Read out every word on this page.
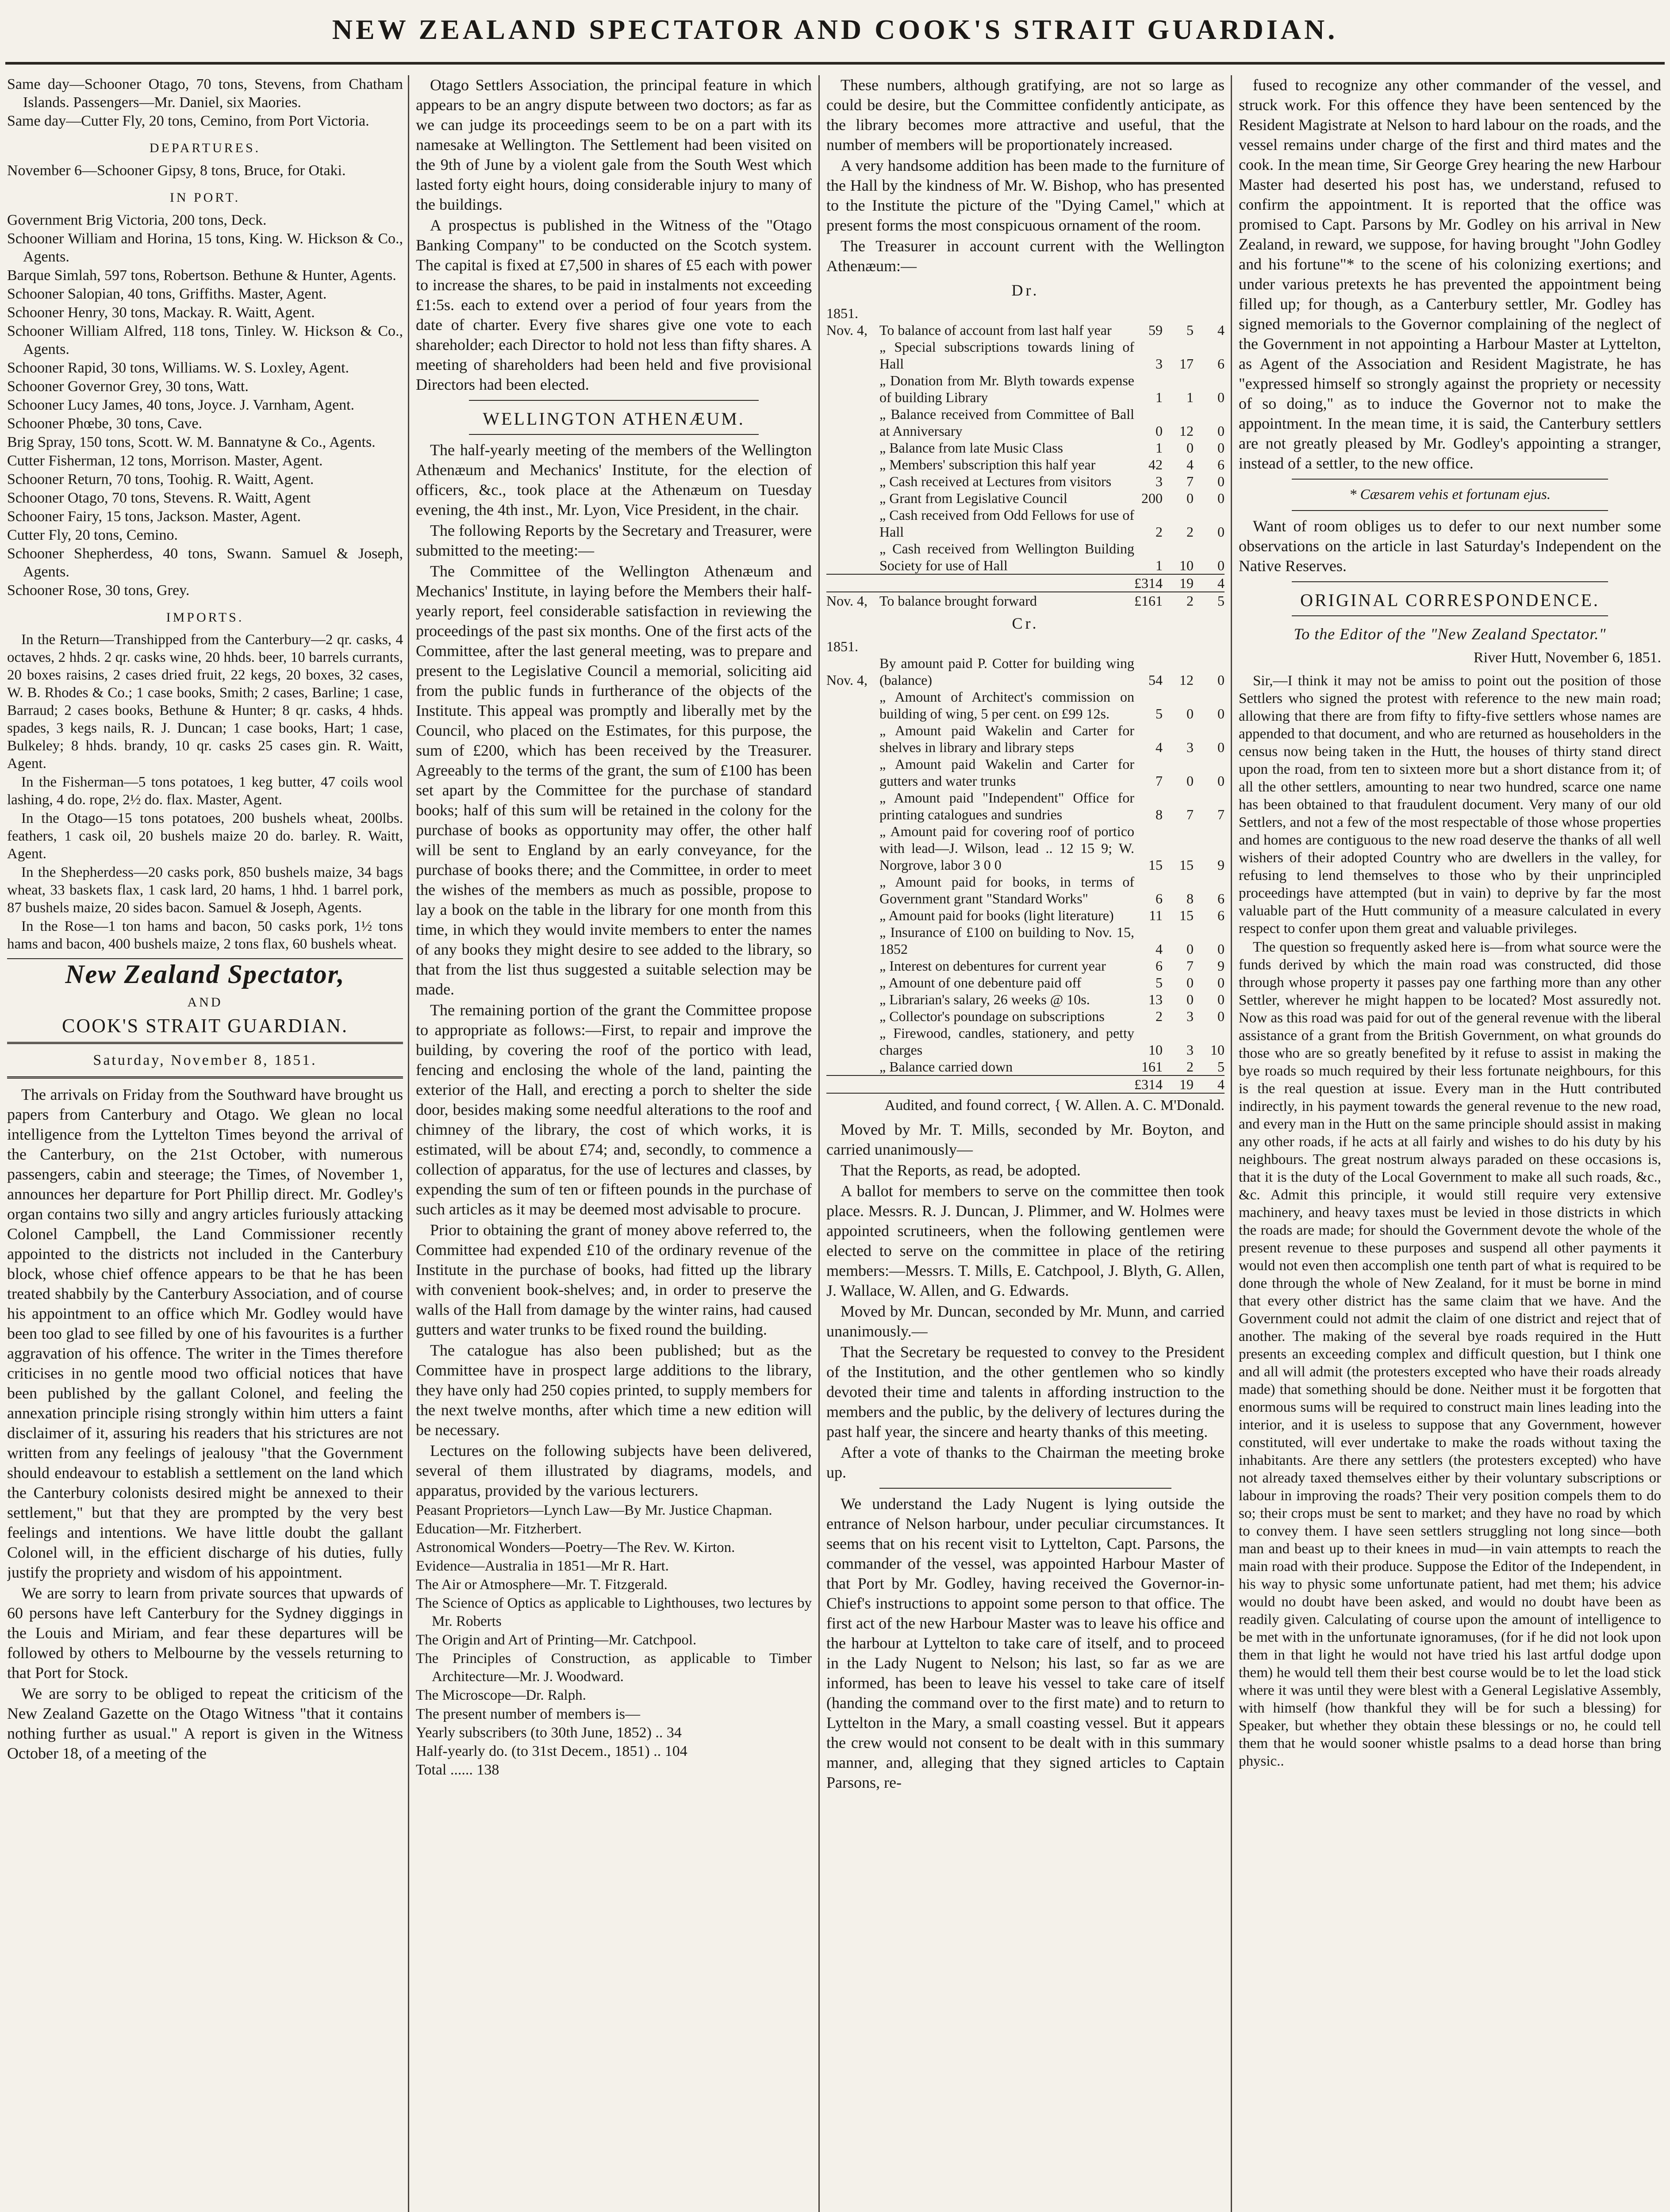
NEW ZEALAND SPECTATOR AND COOK'S STRAIT GUARDIAN.

Same day—Schooner Otago, 70 tons, Stevens, from Chatham Islands. Passengers—Mr. Daniel, six Maories.

Same day—Cutter Fly, 20 tons, Cemino, from Port Victoria.

DEPARTURES.

November 6—Schooner Gipsy, 8 tons, Bruce, for Otaki.

IN PORT.

Government Brig Victoria, 200 tons, Deck.

Schooner William and Horina, 15 tons, King. W. Hickson & Co., Agents.

Barque Simlah, 597 tons, Robertson. Bethune & Hunter, Agents.

Schooner Salopian, 40 tons, Griffiths. Master, Agent.

Schooner Henry, 30 tons, Mackay. R. Waitt, Agent.

Schooner William Alfred, 118 tons, Tinley. W. Hickson & Co., Agents.

Schooner Rapid, 30 tons, Williams. W. S. Loxley, Agent.

Schooner Governor Grey, 30 tons, Watt.

Schooner Lucy James, 40 tons, Joyce. J. Varnham, Agent.

Schooner Phœbe, 30 tons, Cave.

Brig Spray, 150 tons, Scott. W. M. Bannatyne & Co., Agents.

Cutter Fisherman, 12 tons, Morrison. Master, Agent.

Schooner Return, 70 tons, Toohig. R. Waitt, Agent.

Schooner Otago, 70 tons, Stevens. R. Waitt, Agent

Schooner Fairy, 15 tons, Jackson. Master, Agent.

Cutter Fly, 20 tons, Cemino.

Schooner Shepherdess, 40 tons, Swann. Samuel & Joseph, Agents.

Schooner Rose, 30 tons, Grey.

IMPORTS.

In the Return—Transhipped from the Canterbury—2 qr. casks, 4 octaves, 2 hhds. 2 qr. casks wine, 20 hhds. beer, 10 barrels currants, 20 boxes raisins, 2 cases dried fruit, 22 kegs, 20 boxes, 32 cases, W. B. Rhodes & Co.; 1 case books, Smith; 2 cases, Barline; 1 case, Barraud; 2 cases books, Bethune & Hunter; 8 qr. casks, 4 hhds. spades, 3 kegs nails, R. J. Duncan; 1 case books, Hart; 1 case, Bulkeley; 8 hhds. brandy, 10 qr. casks 25 cases gin. R. Waitt, Agent.

In the Fisherman—5 tons potatoes, 1 keg butter, 47 coils wool lashing, 4 do. rope, 2½ do. flax. Master, Agent.

In the Otago—15 tons potatoes, 200 bushels wheat, 200lbs. feathers, 1 cask oil, 20 bushels maize 20 do. barley. R. Waitt, Agent.

In the Shepherdess—20 casks pork, 850 bushels maize, 34 bags wheat, 33 baskets flax, 1 cask lard, 20 hams, 1 hhd. 1 barrel pork, 87 bushels maize, 20 sides bacon. Samuel & Joseph, Agents.

In the Rose—1 ton hams and bacon, 50 casks pork, 1½ tons hams and bacon, 400 bushels maize, 2 tons flax, 60 bushels wheat.

New Zealand Spectator,
AND
COOK'S STRAIT GUARDIAN.
Saturday, November 8, 1851.

The arrivals on Friday from the Southward have brought us papers from Canterbury and Otago. We glean no local intelligence from the Lyttelton Times beyond the arrival of the Canterbury, on the 21st October, with numerous passengers, cabin and steerage; the Times, of November 1, announces her departure for Port Phillip direct. Mr. Godley's organ contains two silly and angry articles furiously attacking Colonel Campbell, the Land Commissioner recently appointed to the districts not included in the Canterbury block, whose chief offence appears to be that he has been treated shabbily by the Canterbury Association, and of course his appointment to an office which Mr. Godley would have been too glad to see filled by one of his favourites is a further aggravation of his offence. The writer in the Times therefore criticises in no gentle mood two official notices that have been published by the gallant Colonel, and feeling the annexation principle rising strongly within him utters a faint disclaimer of it, assuring his readers that his strictures are not written from any feelings of jealousy "that the Government should endeavour to establish a settlement on the land which the Canterbury colonists desired might be annexed to their settlement," but that they are prompted by the very best feelings and intentions. We have little doubt the gallant Colonel will, in the efficient discharge of his duties, fully justify the propriety and wisdom of his appointment.

We are sorry to learn from private sources that upwards of 60 persons have left Canterbury for the Sydney diggings in the Louis and Miriam, and fear these departures will be followed by others to Melbourne by the vessels returning to that Port for Stock.

We are sorry to be obliged to repeat the criticism of the New Zealand Gazette on the Otago Witness "that it contains nothing further as usual." A report is given in the Witness October 18, of a meeting of the

Otago Settlers Association, the principal feature in which appears to be an angry dispute between two doctors; as far as we can judge its proceedings seem to be on a part with its namesake at Wellington. The Settlement had been visited on the 9th of June by a violent gale from the South West which lasted forty eight hours, doing considerable injury to many of the buildings.

A prospectus is published in the Witness of the "Otago Banking Company" to be conducted on the Scotch system. The capital is fixed at £7,500 in shares of £5 each with power to increase the shares, to be paid in instalments not exceeding £1:5s. each to extend over a period of four years from the date of charter. Every five shares give one vote to each shareholder; each Director to hold not less than fifty shares. A meeting of shareholders had been held and five provisional Directors had been elected.

WELLINGTON ATHENÆUM.

The half-yearly meeting of the members of the Wellington Athenæum and Mechanics' Institute, for the election of officers, &c., took place at the Athenæum on Tuesday evening, the 4th inst., Mr. Lyon, Vice President, in the chair.

The following Reports by the Secretary and Treasurer, were submitted to the meeting:—

The Committee of the Wellington Athenæum and Mechanics' Institute, in laying before the Members their half-yearly report, feel considerable satisfaction in reviewing the proceedings of the past six months. One of the first acts of the Committee, after the last general meeting, was to prepare and present to the Legislative Council a memorial, soliciting aid from the public funds in furtherance of the objects of the Institute. This appeal was promptly and liberally met by the Council, who placed on the Estimates, for this purpose, the sum of £200, which has been received by the Treasurer. Agreeably to the terms of the grant, the sum of £100 has been set apart by the Committee for the purchase of standard books; half of this sum will be retained in the colony for the purchase of books as opportunity may offer, the other half will be sent to England by an early conveyance, for the purchase of books there; and the Committee, in order to meet the wishes of the members as much as possible, propose to lay a book on the table in the library for one month from this time, in which they would invite members to enter the names of any books they might desire to see added to the library, so that from the list thus suggested a suitable selection may be made.

The remaining portion of the grant the Committee propose to appropriate as follows:—First, to repair and improve the building, by covering the roof of the portico with lead, fencing and enclosing the whole of the land, painting the exterior of the Hall, and erecting a porch to shelter the side door, besides making some needful alterations to the roof and chimney of the library, the cost of which works, it is estimated, will be about £74; and, secondly, to commence a collection of apparatus, for the use of lectures and classes, by expending the sum of ten or fifteen pounds in the purchase of such articles as it may be deemed most advisable to procure.

Prior to obtaining the grant of money above referred to, the Committee had expended £10 of the ordinary revenue of the Institute in the purchase of books, had fitted up the library with convenient book-shelves; and, in order to preserve the walls of the Hall from damage by the winter rains, had caused gutters and water trunks to be fixed round the building.

The catalogue has also been published; but as the Committee have in prospect large additions to the library, they have only had 250 copies printed, to supply members for the next twelve months, after which time a new edition will be necessary.

Lectures on the following subjects have been delivered, several of them illustrated by diagrams, models, and apparatus, provided by the various lecturers.

Peasant Proprietors—Lynch Law—By Mr. Justice Chapman.

Education—Mr. Fitzherbert.

Astronomical Wonders—Poetry—The Rev. W. Kirton.

Evidence—Australia in 1851—Mr R. Hart.

The Air or Atmosphere—Mr. T. Fitzgerald.

The Science of Optics as applicable to Lighthouses, two lectures by Mr. Roberts

The Origin and Art of Printing—Mr. Catchpool.

The Principles of Construction, as applicable to Timber Architecture—Mr. J. Woodward.

The Microscope—Dr. Ralph.

The present number of members is—

Yearly subscribers (to 30th June, 1852) .. 34

Half-yearly do. (to 31st Decem., 1851) .. 104

Total ...... 138

These numbers, although gratifying, are not so large as could be desire, but the Committee confidently anticipate, as the library becomes more attractive and useful, that the number of members will be proportionately increased.

A very handsome addition has been made to the furniture of the Hall by the kindness of Mr. W. Bishop, who has presented to the Institute the picture of the "Dying Camel," which at present forms the most conspicuous ornament of the room.

The Treasurer in account current with the Wellington Athenæum:—

Dr.
1851.				
Nov. 4,	To balance of account from last half year	59	5	4
	„ Special subscriptions towards lining of Hall	3	17	6
	„ Donation from Mr. Blyth towards expense of building Library	1	1	0
	„ Balance received from Committee of Ball at Anniversary	0	12	0
	„ Balance from late Music Class	1	0	0
	„ Members' subscription this half year	42	4	6
	„ Cash received at Lectures from visitors	3	7	0
	„ Grant from Legislative Council	200	0	0
	„ Cash received from Odd Fellows for use of Hall	2	2	0
	„ Cash received from Wellington Building Society for use of Hall	1	10	0
		£314	19	4
Nov. 4,	To balance brought forward	£161	2	5
Cr.
1851.				
Nov. 4,	By amount paid P. Cotter for building wing (balance)	54	12	0
	„ Amount of Architect's commission on building of wing, 5 per cent. on £99 12s.	5	0	0
	„ Amount paid Wakelin and Carter for shelves in library and library steps	4	3	0
	„ Amount paid Wakelin and Carter for gutters and water trunks	7	0	0
	„ Amount paid "Independent" Office for printing catalogues and sundries	8	7	7
	„ Amount paid for covering roof of portico with lead—J. Wilson, lead .. 12 15 9; W. Norgrove, labor 3 0 0	15	15	9
	„ Amount paid for books, in terms of Government grant "Standard Works"	6	8	6
	„ Amount paid for books (light literature)	11	15	6
	„ Insurance of £100 on building to Nov. 15, 1852	4	0	0
	„ Interest on debentures for current year	6	7	9
	„ Amount of one debenture paid off	5	0	0
	„ Librarian's salary, 26 weeks @ 10s.	13	0	0
	„ Collector's poundage on subscriptions	2	3	0
	„ Firewood, candles, stationery, and petty charges	10	3	10
	„ Balance carried down	161	2	5
		£314	19	4
Audited, and found correct, { W. Allen. A. C. M'Donald.

Moved by Mr. T. Mills, seconded by Mr. Boyton, and carried unanimously—

That the Reports, as read, be adopted.

A ballot for members to serve on the committee then took place. Messrs. R. J. Duncan, J. Plimmer, and W. Holmes were appointed scrutineers, when the following gentlemen were elected to serve on the committee in place of the retiring members:—Messrs. T. Mills, E. Catchpool, J. Blyth, G. Allen, J. Wallace, W. Allen, and G. Edwards.

Moved by Mr. Duncan, seconded by Mr. Munn, and carried unanimously.—

That the Secretary be requested to convey to the President of the Institution, and the other gentlemen who so kindly devoted their time and talents in affording instruction to the members and the public, by the delivery of lectures during the past half year, the sincere and hearty thanks of this meeting.

After a vote of thanks to the Chairman the meeting broke up.

We understand the Lady Nugent is lying outside the entrance of Nelson harbour, under peculiar circumstances. It seems that on his recent visit to Lyttelton, Capt. Parsons, the commander of the vessel, was appointed Harbour Master of that Port by Mr. Godley, having received the Governor-in-Chief's instructions to appoint some person to that office. The first act of the new Harbour Master was to leave his office and the harbour at Lyttelton to take care of itself, and to proceed in the Lady Nugent to Nelson; his last, so far as we are informed, has been to leave his vessel to take care of itself (handing the command over to the first mate) and to return to Lyttelton in the Mary, a small coasting vessel. But it appears the crew would not consent to be dealt with in this summary manner, and, alleging that they signed articles to Captain Parsons, re-

fused to recognize any other commander of the vessel, and struck work. For this offence they have been sentenced by the Resident Magistrate at Nelson to hard labour on the roads, and the vessel remains under charge of the first and third mates and the cook. In the mean time, Sir George Grey hearing the new Harbour Master had deserted his post has, we understand, refused to confirm the appointment. It is reported that the office was promised to Capt. Parsons by Mr. Godley on his arrival in New Zealand, in reward, we suppose, for having brought "John Godley and his fortune"* to the scene of his colonizing exertions; and under various pretexts he has prevented the appointment being filled up; for though, as a Canterbury settler, Mr. Godley has signed memorials to the Governor complaining of the neglect of the Government in not appointing a Harbour Master at Lyttelton, as Agent of the Association and Resident Magistrate, he has "expressed himself so strongly against the propriety or necessity of so doing," as to induce the Governor not to make the appointment. In the mean time, it is said, the Canterbury settlers are not greatly pleased by Mr. Godley's appointing a stranger, instead of a settler, to the new office.

* Cæsarem vehis et fortunam ejus.

Want of room obliges us to defer to our next number some observations on the article in last Saturday's Independent on the Native Reserves.

ORIGINAL CORRESPONDENCE.
To the Editor of the "New Zealand Spectator."
River Hutt, November 6, 1851.

Sir,—I think it may not be amiss to point out the position of those Settlers who signed the protest with reference to the new main road; allowing that there are from fifty to fifty-five settlers whose names are appended to that document, and who are returned as householders in the census now being taken in the Hutt, the houses of thirty stand direct upon the road, from ten to sixteen more but a short distance from it; of all the other settlers, amounting to near two hundred, scarce one name has been obtained to that fraudulent document. Very many of our old Settlers, and not a few of the most respectable of those whose properties and homes are contiguous to the new road deserve the thanks of all well wishers of their adopted Country who are dwellers in the valley, for refusing to lend themselves to those who by their unprincipled proceedings have attempted (but in vain) to deprive by far the most valuable part of the Hutt community of a measure calculated in every respect to confer upon them great and valuable privileges.

The question so frequently asked here is—from what source were the funds derived by which the main road was constructed, did those through whose property it passes pay one farthing more than any other Settler, wherever he might happen to be located? Most assuredly not. Now as this road was paid for out of the general revenue with the liberal assistance of a grant from the British Government, on what grounds do those who are so greatly benefited by it refuse to assist in making the bye roads so much required by their less fortunate neighbours, for this is the real question at issue. Every man in the Hutt contributed indirectly, in his payment towards the general revenue to the new road, and every man in the Hutt on the same principle should assist in making any other roads, if he acts at all fairly and wishes to do his duty by his neighbours. The great nostrum always paraded on these occasions is, that it is the duty of the Local Government to make all such roads, &c., &c. Admit this principle, it would still require very extensive machinery, and heavy taxes must be levied in those districts in which the roads are made; for should the Government devote the whole of the present revenue to these purposes and suspend all other payments it would not even then accomplish one tenth part of what is required to be done through the whole of New Zealand, for it must be borne in mind that every other district has the same claim that we have. And the Government could not admit the claim of one district and reject that of another. The making of the several bye roads required in the Hutt presents an exceeding complex and difficult question, but I think one and all will admit (the protesters excepted who have their roads already made) that something should be done. Neither must it be forgotten that enormous sums will be required to construct main lines leading into the interior, and it is useless to suppose that any Government, however constituted, will ever undertake to make the roads without taxing the inhabitants. Are there any settlers (the protesters excepted) who have not already taxed themselves either by their voluntary subscriptions or labour in improving the roads? Their very position compels them to do so; their crops must be sent to market; and they have no road by which to convey them. I have seen settlers struggling not long since—both man and beast up to their knees in mud—in vain attempts to reach the main road with their produce. Suppose the Editor of the Independent, in his way to physic some unfortunate patient, had met them; his advice would no doubt have been asked, and would no doubt have been as readily given. Calculating of course upon the amount of intelligence to be met with in the unfortunate ignoramuses, (for if he did not look upon them in that light he would not have tried his last artful dodge upon them) he would tell them their best course would be to let the load stick where it was until they were blest with a General Legislative Assembly, with himself (how thankful they will be for such a blessing) for Speaker, but whether they obtain these blessings or no, he could tell them that he would sooner whistle psalms to a dead horse than bring physic..
